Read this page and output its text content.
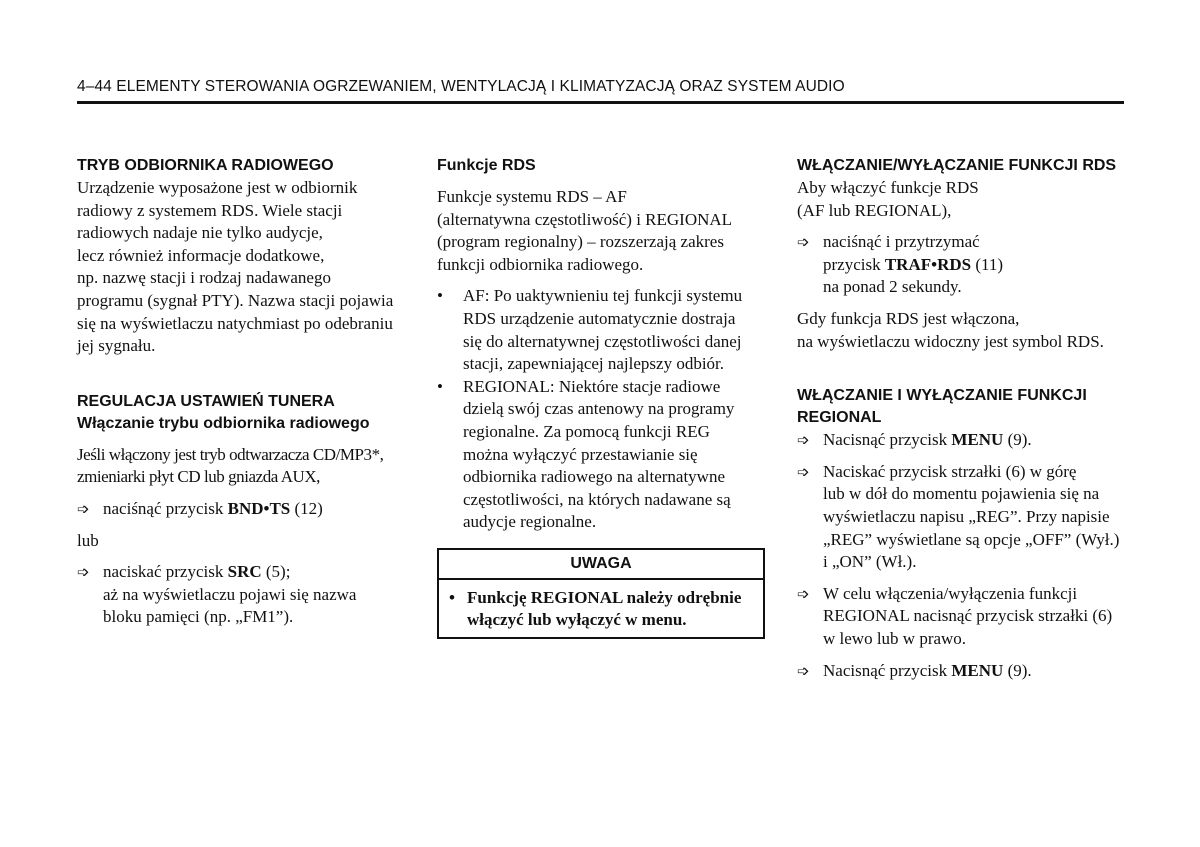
4–44 ELEMENTY STEROWANIA OGRZEWANIEM, WENTYLACJĄ I KLIMATYZACJĄ ORAZ SYSTEM AUDIO
TRYB ODBIORNIKA RADIOWEGO
Urządzenie wyposażone jest w odbiornik
radiowy z systemem RDS. Wiele stacji
radiowych nadaje nie tylko audycje,
lecz również informacje dodatkowe,
np. nazwę stacji i rodzaj nadawanego
programu (sygnał PTY). Nazwa stacji pojawia
się na wyświetlaczu natychmiast po odebraniu
jej sygnału.
REGULACJA USTAWIEŃ TUNERA
Włączanie trybu odbiornika radiowego
Jeśli włączony jest tryb odtwarzacza CD/MP3*,
zmieniarki płyt CD lub gniazda AUX,
➩ naciśnąć przycisk BND•TS (12)
lub
➩ naciskać przycisk SRC (5);
aż na wyświetlaczu pojawi się nazwa
bloku pamięci (np. „FM1”).
Funkcje RDS
Funkcje systemu RDS – AF
(alternatywna częstotliwość) i REGIONAL
(program regionalny) – rozszerzają zakres
funkcji odbiornika radiowego.
• AF: Po uaktywnieniu tej funkcji systemu
RDS urządzenie automatycznie dostraja
się do alternatywnej częstotliwości danej
stacji, zapewniającej najlepszy odbiór.
• REGIONAL: Niektóre stacje radiowe
dzielą swój czas antenowy na programy
regionalne. Za pomocą funkcji REG
można wyłączyć przestawianie się
odbiornika radiowego na alternatywne
częstotliwości, na których nadawane są
audycje regionalne.
UWAGA
• Funkcję REGIONAL należy odrębnie
włączyć lub wyłączyć w menu.
WŁĄCZANIE/WYŁĄCZANIE FUNKCJI RDS
Aby włączyć funkcje RDS
(AF lub REGIONAL),
➩ naciśnąć i przytrzymać
przycisk TRAF•RDS (11)
na ponad 2 sekundy.
Gdy funkcja RDS jest włączona,
na wyświetlaczu widoczny jest symbol RDS.
WŁĄCZANIE I WYŁĄCZANIE FUNKCJI
REGIONAL
➩ Nacisnąć przycisk MENU (9).
➩ Naciskać przycisk strzałki (6) w górę
lub w dół do momentu pojawienia się na
wyświetlaczu napisu „REG”. Przy napisie
„REG” wyświetlane są opcje „OFF” (Wył.)
i „ON” (Wł.).
➩ W celu włączenia/wyłączenia funkcji
REGIONAL nacisnąć przycisk strzałki (6)
w lewo lub w prawo.
➩ Nacisnąć przycisk MENU (9).
